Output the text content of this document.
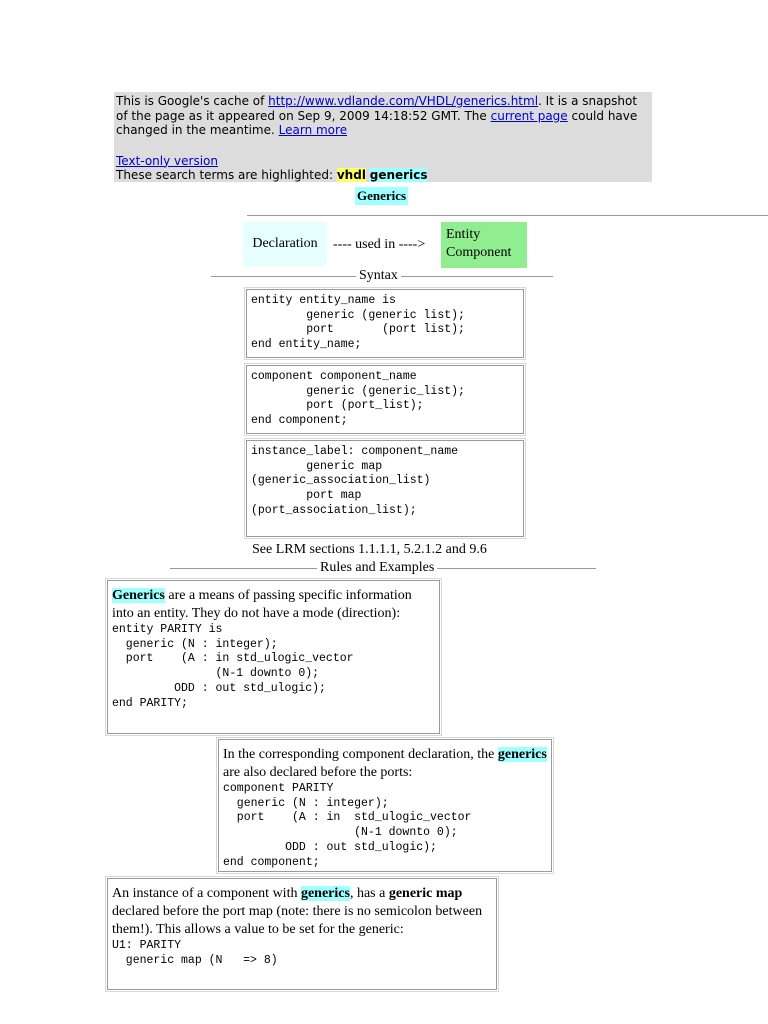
This is Google's cache of http://www.vdlande.com/VHDL/generics.html. It is a snapshot of the page as it appeared on Sep 9, 2009 14:18:52 GMT. The current page could have changed in the meantime. Learn more
Text-only version
These search terms are highlighted: vhdl generics
Generics
Declaration	---- used in ---->
Entity
Component
Syntax
entity entity_name is
generic (generic list);
port       (port list);
end entity_name;
component component_name
generic (generic_list);
port (port_list);
end component;
instance_label: component_name
generic map
(generic_association_list)
port map
(port_association_list);
See LRM sections 1.1.1.1, 5.2.1.2 and 9.6
Rules and Examples
Generics are a means of passing specific information into an entity. They do not have a mode (direction):
entity PARITY is
generic (N : integer);
port    (A : in std_ulogic_vector
(N-1 downto 0);
ODD : out std_ulogic);
end PARITY;
In the corresponding component declaration, the generics are also declared before the ports:
component PARITY
generic (N : integer);
port    (A : in  std_ulogic_vector
(N-1 downto 0);
ODD : out std_ulogic);
end component;
An instance of a component with generics, has a generic map declared before the port map (note: there is no semicolon between them!). This allows a value to be set for the generic:
U1: PARITY
generic map (N   => 8)
